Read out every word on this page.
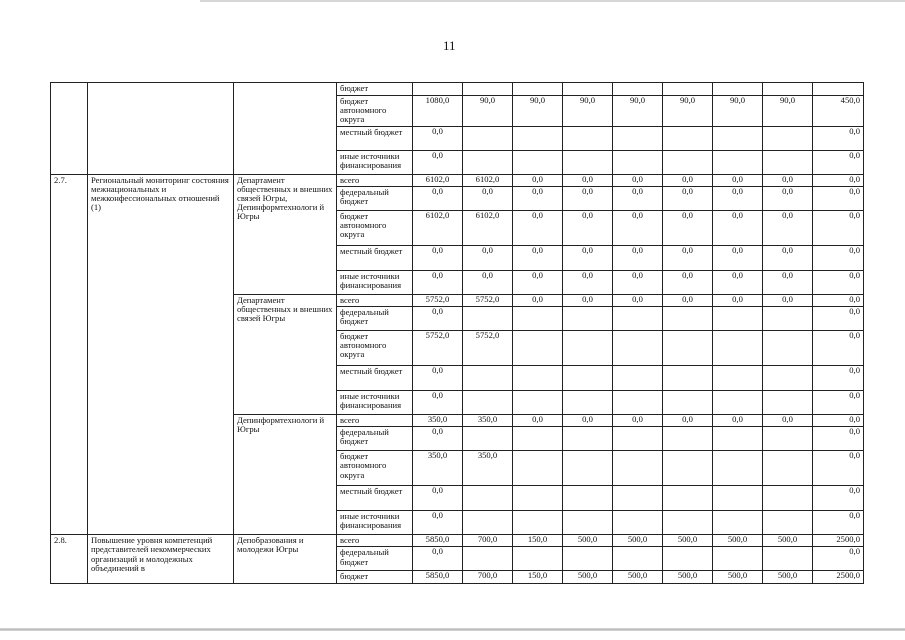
11
			бюджет									
			бюджет автономного округа	1080,0	90,0	90,0	90,0	90,0	90,0	90,0	90,0	450,0
			местный бюджет	0,0								0,0
			иные источники финансирования	0,0								0,0
2.7.	Региональный мониторинг состояния межнациональных и межконфессиональных отношений (1)	Департамент общественных и внешних связей Югры, Депинформтехнологи й Югры	всего	6102,0	6102,0	0,0	0,0	0,0	0,0	0,0	0,0	0,0
			федеральный бюджет	0,0	0,0	0,0	0,0	0,0	0,0	0,0	0,0	0,0
			бюджет автономного округа	6102,0	6102,0	0,0	0,0	0,0	0,0	0,0	0,0	0,0
			местный бюджет	0,0	0,0	0,0	0,0	0,0	0,0	0,0	0,0	0,0
			иные источники финансирования	0,0	0,0	0,0	0,0	0,0	0,0	0,0	0,0	0,0
		Департамент общественных и внешних связей Югры	всего	5752,0	5752,0	0,0	0,0	0,0	0,0	0,0	0,0	0,0
			федеральный бюджет	0,0								0,0
			бюджет автономного округа	5752,0	5752,0							0,0
			местный бюджет	0,0								0,0
			иные источники финансирования	0,0								0,0
		Депинформтехнологи й Югры	всего	350,0	350,0	0,0	0,0	0,0	0,0	0,0	0,0	0,0
			федеральный бюджет	0,0								0,0
			бюджет автономного округа	350,0	350,0							0,0
			местный бюджет	0,0								0,0
			иные источники финансирования	0,0								0,0
2.8.	Повышение уровня компетенций представителей некоммерческих организаций и молодежных объединений в	Депобразования и молодежи Югры	всего	5850,0	700,0	150,0	500,0	500,0	500,0	500,0	500,0	2500,0
			федеральный бюджет	0,0								0,0
			бюджет	5850,0	700,0	150,0	500,0	500,0	500,0	500,0	500,0	2500,0
